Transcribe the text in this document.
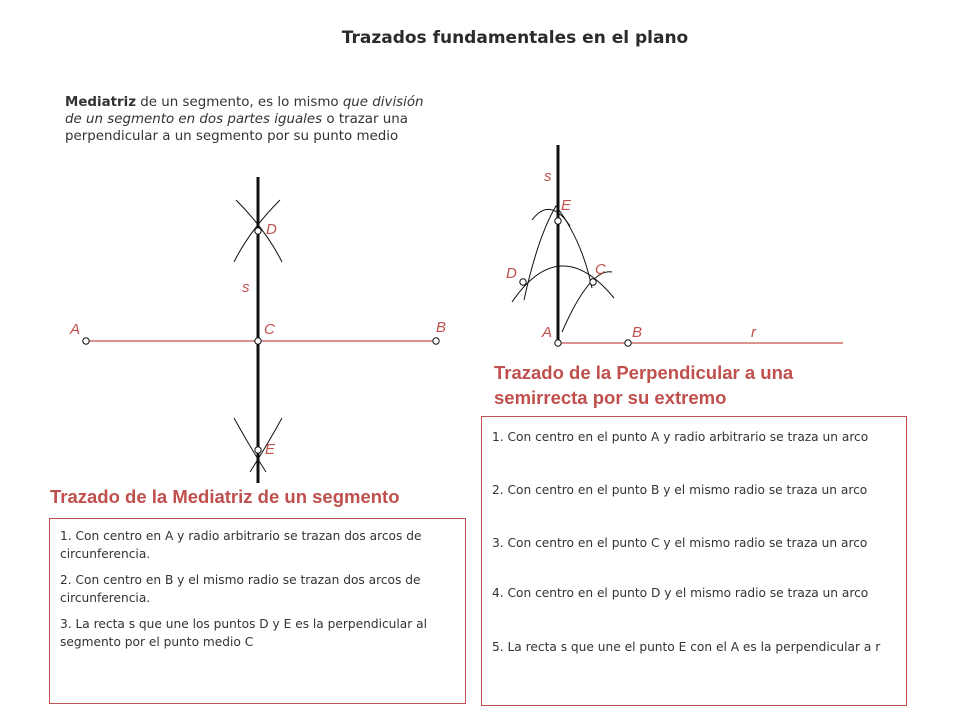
Trazados fundamentales en el plano
Mediatriz de un segmento, es lo mismo que división de un segmento en dos partes iguales o trazar una perpendicular a un segmento por su punto medio
A	B
C
D
E
s
A	B
C
D
E
s
r
Trazado de la Mediatriz de un segmento

1. Con centro en A y radio arbitrario se trazan dos arcos de circunferencia.

2. Con centro en B y el mismo radio se trazan dos arcos de circunferencia.

3. La recta s que une los puntos D y E es la perpendicular al segmento por el punto medio C

Trazado de la Perpendicular a una semirrecta por su extremo
1. Con centro en el punto A y radio arbitrario se traza un arco
2. Con centro en el punto B y el mismo radio se traza un arco
3. Con centro en el punto C y el mismo radio se traza un arco
4. Con centro en el punto D y el mismo radio se traza un arco
5. La recta s que une el punto E con el A es la perpendicular a r
